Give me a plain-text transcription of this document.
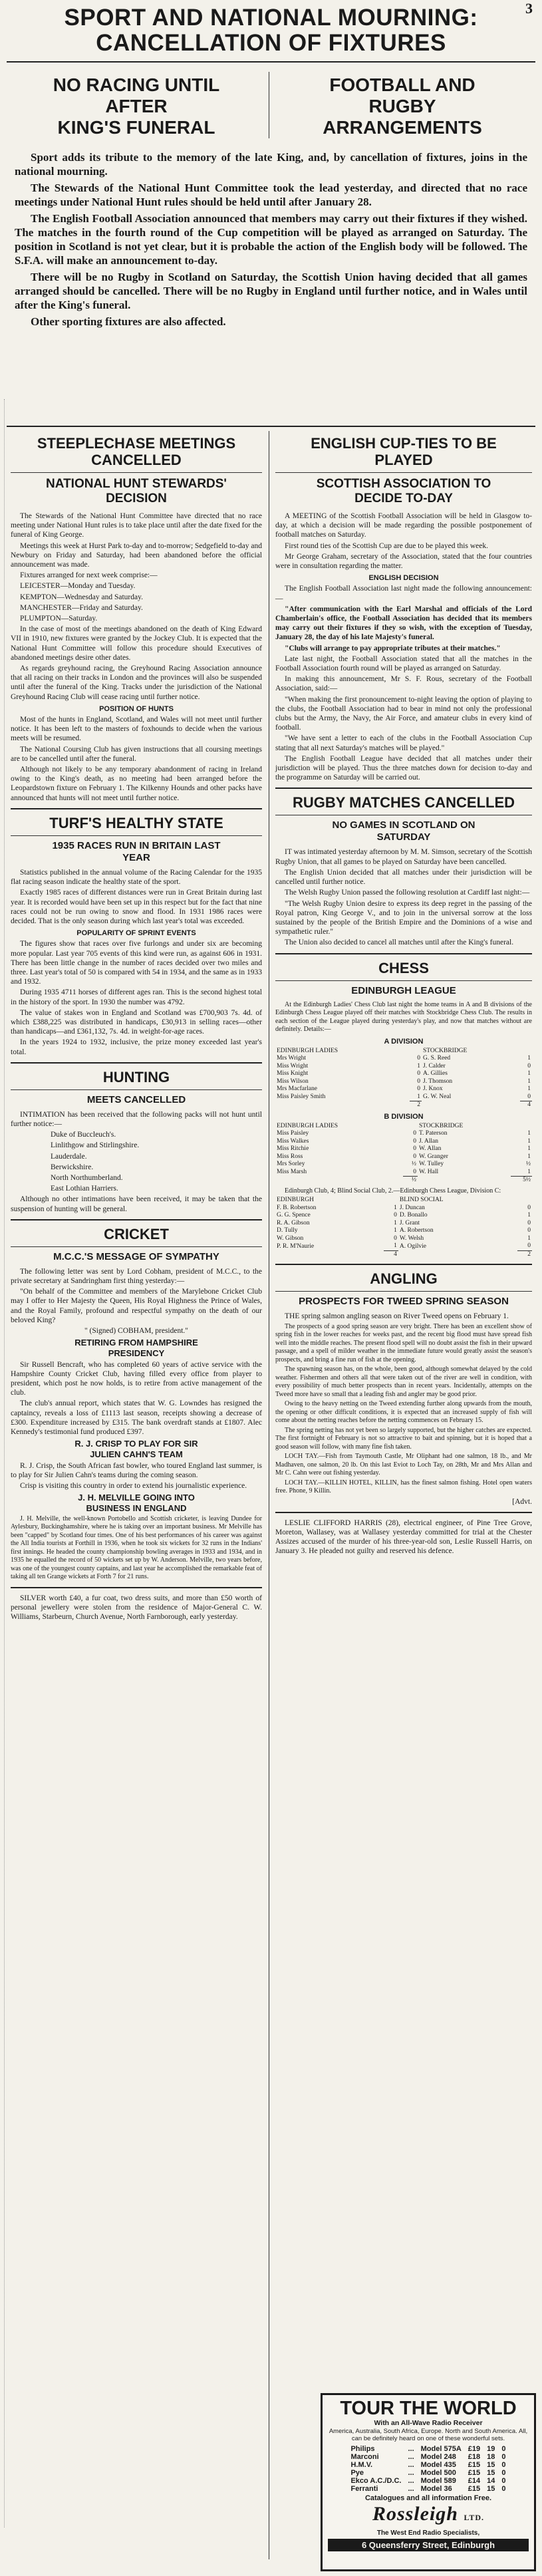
3
SPORT AND NATIONAL MOURNING:
CANCELLATION OF FIXTURES
NO RACING UNTIL
AFTER
KING'S FUNERAL
FOOTBALL AND
RUGBY
ARRANGEMENTS

Sport adds its tribute to the memory of the late King, and, by cancellation of fixtures, joins in the national mourning.

The Stewards of the National Hunt Committee took the lead yesterday, and directed that no race meetings under National Hunt rules should be held until after January 28.

The English Football Association announced that members may carry out their fixtures if they wished. The matches in the fourth round of the Cup competition will be played as arranged on Saturday. The position in Scotland is not yet clear, but it is probable the action of the English body will be followed. The S.F.A. will make an announcement to-day.

There will be no Rugby in Scotland on Saturday, the Scottish Union having decided that all games arranged should be cancelled. There will be no Rugby in England until further notice, and in Wales until after the King's funeral.

Other sporting fixtures are also affected.

STEEPLECHASE MEETINGS
CANCELLED
NATIONAL HUNT STEWARDS'
DECISION

The Stewards of the National Hunt Committee have directed that no race meeting under National Hunt rules is to take place until after the date fixed for the funeral of King George.

Meetings this week at Hurst Park to-day and to-morrow; Sedgefield to-day and Newbury on Friday and Saturday, had been abandoned before the official announcement was made.

Fixtures arranged for next week comprise:—

LEICESTER—Monday and Tuesday.

KEMPTON—Wednesday and Saturday.

MANCHESTER—Friday and Saturday.

PLUMPTON—Saturday.

In the case of most of the meetings abandoned on the death of King Edward VII in 1910, new fixtures were granted by the Jockey Club. It is expected that the National Hunt Committee will follow this procedure should Executives of abandoned meetings desire other dates.

As regards greyhound racing, the Greyhound Racing Association announce that all racing on their tracks in London and the provinces will also be suspended until after the funeral of the King. Tracks under the jurisdiction of the National Greyhound Racing Club will cease racing until further notice.

POSITION OF HUNTS

Most of the hunts in England, Scotland, and Wales will not meet until further notice. It has been left to the masters of foxhounds to decide when the various meets will be resumed.

The National Coursing Club has given instructions that all coursing meetings are to be cancelled until after the funeral.

Although not likely to be any temporary abandonment of racing in Ireland owing to the King's death, as no meeting had been arranged before the Leopardstown fixture on February 1. The Kilkenny Hounds and other packs have announced that hunts will not meet until further notice.

TURF'S HEALTHY STATE
1935 RACES RUN IN BRITAIN LAST
YEAR

Statistics published in the annual volume of the Racing Calendar for the 1935 flat racing season indicate the healthy state of the sport.

Exactly 1985 races of different distances were run in Great Britain during last year. It is recorded would have been set up in this respect but for the fact that nine races could not be run owing to snow and flood. In 1931 1986 races were decided. That is the only season during which last year's total was exceeded.

POPULARITY OF SPRINT EVENTS

The figures show that races over five furlongs and under six are becoming more popular. Last year 705 events of this kind were run, as against 606 in 1931. There has been little change in the number of races decided over two miles and three. Last year's total of 50 is compared with 54 in 1934, and the same as in 1933 and 1932.

During 1935 4711 horses of different ages ran. This is the second highest total in the history of the sport. In 1930 the number was 4792.

The value of stakes won in England and Scotland was £700,903 7s. 4d. of which £388,225 was distributed in handicaps, £30,913 in selling races—other than handicaps—and £361,132, 7s. 4d. in weight-for-age races.

In the years 1924 to 1932, inclusive, the prize money exceeded last year's total.

HUNTING
MEETS CANCELLED

INTIMATION has been received that the following packs will not hunt until further notice:—

Duke of Buccleuch's.

Linlithgow and Stirlingshire.

Lauderdale.

Berwickshire.

North Northumberland.

East Lothian Harriers.

Although no other intimations have been received, it may be taken that the suspension of hunting will be general.

CRICKET
M.C.C.'S MESSAGE OF SYMPATHY

The following letter was sent by Lord Cobham, president of M.C.C., to the private secretary at Sandringham first thing yesterday:—

"On behalf of the Committee and members of the Marylebone Cricket Club may I offer to Her Majesty the Queen, His Royal Highness the Prince of Wales, and the Royal Family, profound and respectful sympathy on the death of our beloved King?

" (Signed) COBHAM, president."

RETIRING FROM HAMPSHIRE
PRESIDENCY

Sir Russell Bencraft, who has completed 60 years of active service with the Hampshire County Cricket Club, having filled every office from player to president, which post he now holds, is to retire from active management of the club.

The club's annual report, which states that W. G. Lowndes has resigned the captaincy, reveals a loss of £1113 last season, receipts showing a decrease of £300. Expenditure increased by £315. The bank overdraft stands at £1807. Alec Kennedy's testimonial fund produced £397.

R. J. CRISP TO PLAY FOR SIR
JULIEN CAHN'S TEAM

R. J. Crisp, the South African fast bowler, who toured England last summer, is to play for Sir Julien Cahn's teams during the coming season.

Crisp is visiting this country in order to extend his journalistic experience.

J. H. MELVILLE GOING INTO
BUSINESS IN ENGLAND

J. H. Melville, the well-known Portobello and Scottish cricketer, is leaving Dundee for Aylesbury, Buckinghamshire, where he is taking over an important business. Mr Melville has been "capped" by Scotland four times. One of his best performances of his career was against the All India tourists at Forthill in 1936, when he took six wickets for 32 runs in the Indians' first innings. He headed the county championship bowling averages in 1933 and 1934, and in 1935 he equalled the record of 50 wickets set up by W. Anderson. Melville, two years before, was one of the youngest county captains, and last year he accomplished the remarkable feat of taking all ten Grange wickets at Forth 7 for 21 runs.

SILVER worth £40, a fur coat, two dress suits, and more than £50 worth of personal jewellery were stolen from the residence of Major-General C. W. Williams, Starbeurn, Church Avenue, North Farnborough, early yesterday.

ENGLISH CUP-TIES TO BE
PLAYED
SCOTTISH ASSOCIATION TO
DECIDE TO-DAY

A MEETING of the Scottish Football Association will be held in Glasgow to-day, at which a decision will be made regarding the possible postponement of football matches on Saturday.

First round ties of the Scottish Cup are due to be played this week.

Mr George Graham, secretary of the Association, stated that the four countries were in consultation regarding the matter.

ENGLISH DECISION

The English Football Association last night made the following announcement:—

"After communication with the Earl Marshal and officials of the Lord Chamberlain's office, the Football Association has decided that its members may carry out their fixtures if they so wish, with the exception of Tuesday, January 28, the day of his late Majesty's funeral.

"Clubs will arrange to pay appropriate tributes at their matches."

Late last night, the Football Association stated that all the matches in the Football Association fourth round will be played as arranged on Saturday.

In making this announcement, Mr S. F. Rous, secretary of the Football Association, said:—

"When making the first pronouncement to-night leaving the option of playing to the clubs, the Football Association had to bear in mind not only the professional clubs but the Army, the Navy, the Air Force, and amateur clubs in every kind of football.

"We have sent a letter to each of the clubs in the Football Association Cup stating that all next Saturday's matches will be played."

The English Football League have decided that all matches under their jurisdiction will be played. Thus the three matches down for decision to-day and the programme on Saturday will be carried out.

RUGBY MATCHES CANCELLED
NO GAMES IN SCOTLAND ON
SATURDAY

IT was intimated yesterday afternoon by M. M. Simson, secretary of the Scottish Rugby Union, that all games to be played on Saturday have been cancelled.

The English Union decided that all matches under their jurisdiction will be cancelled until further notice.

The Welsh Rugby Union passed the following resolution at Cardiff last night:—

"The Welsh Rugby Union desire to express its deep regret in the passing of the Royal patron, King George V., and to join in the universal sorrow at the loss sustained by the people of the British Empire and the Dominions of a wise and sympathetic ruler."

The Union also decided to cancel all matches until after the King's funeral.

CHESS
EDINBURGH LEAGUE

At the Edinburgh Ladies' Chess Club last night the home teams in A and B divisions of the Edinburgh Chess League played off their matches with Stockbridge Chess Club. The results in each section of the League played during yesterday's play, and now that matches without are definitely. Details:—

A DIVISION
EDINBURGH LADIES		STOCKBRIDGE	
Mrs Wright	0	G. S. Reed	1
Miss Wright	1	J. Calder	0
Miss Knight	0	A. Gillies	1
Miss Wilson	0	J. Thomson	1
Mrs Macfarlane	0	J. Knox	1
Miss Paisley Smith	1	G. W. Neal	0
	2		4
B DIVISION
EDINBURGH LADIES		STOCKBRIDGE	
Miss Paisley	0	T. Paterson	1
Miss Walkes	0	J. Allan	1
Miss Ritchie	0	W. Allan	1
Miss Ross	0	W. Granger	1
Mrs Sorley	½	W. Tulley	½
Miss Marsh	0	W. Hall	1
	½		5½

Edinburgh Club, 4; Blind Social Club, 2.—Edinburgh Chess League, Division C:

EDINBURGH		BLIND SOCIAL	
F. B. Robertson	1	J. Duncan	0
G. G. Spence	0	D. Bonallo	1
R. A. Gibson	1	J. Grant	0
D. Tully	1	A. Robertson	0
W. Gibson	0	W. Welsh	1
P. R. M'Naurie	1	A. Ogilvie	0
	4		2
ANGLING
PROSPECTS FOR TWEED SPRING SEASON

THE spring salmon angling season on River Tweed opens on February 1.

The prospects of a good spring season are very bright. There has been an excellent show of spring fish in the lower reaches for weeks past, and the recent big flood must have spread fish well into the middle reaches. The present flood spell will no doubt assist the fish in their upward passage, and a spell of milder weather in the immediate future would greatly assist the season's prospects, and bring a fine run of fish at the opening.

The spawning season has, on the whole, been good, although somewhat delayed by the cold weather. Fishermen and others all that were taken out of the river are well in condition, with every possibility of much better prospects than in recent years. Incidentally, attempts on the Tweed more have so small that a leading fish and angler may be good prior.

Owing to the heavy netting on the Tweed extending further along upwards from the mouth, the opening or other difficult conditions, it is expected that an increased supply of fish will come about the netting reaches before the netting commences on February 15.

The spring netting has not yet been so largely supported, but the higher catches are expected. The first fortnight of February is not so attractive to bait and spinning, but it is hoped that a good season will follow, with many fine fish taken.

LOCH TAY.—Fish from Taymouth Castle, Mr Oliphant had one salmon, 18 lb., and Mr Madhaven, one salmon, 20 lb. On this last Eviot to Loch Tay, on 28th, Mr and Mrs Allan and Mr C. Cahn were out fishing yesterday.

LOCH TAY.—KILLIN HOTEL, KILLIN, has the finest salmon fishing. Hotel open waters free. Phone, 9 Killin.

[Advt.

LESLIE CLIFFORD HARRIS (28), electrical engineer, of Pine Tree Grove, Moreton, Wallasey, was at Wallasey yesterday committed for trial at the Chester Assizes accused of the murder of his three-year-old son, Leslie Russell Harris, on January 3. He pleaded not guilty and reserved his defence.

TOUR THE WORLD
With an All-Wave Radio Receiver
America, Australia, South Africa, Europe. North and South America. All, can be definitely heard on one of these wonderful sets.
Philips	...	Model 575A	£19	19	0
Marconi	...	Model 248	£18	18	0
H.M.V.	...	Model 435	£15	15	0
Pye	...	Model 500	£15	15	0
Ekco A.C./D.C.	...	Model 589	£14	14	0
Ferranti	...	Model 36	£15	15	0
Catalogues and all information Free.
Rossleigh LTD.
The West End Radio Specialists,
6 Queensferry Street, Edinburgh
